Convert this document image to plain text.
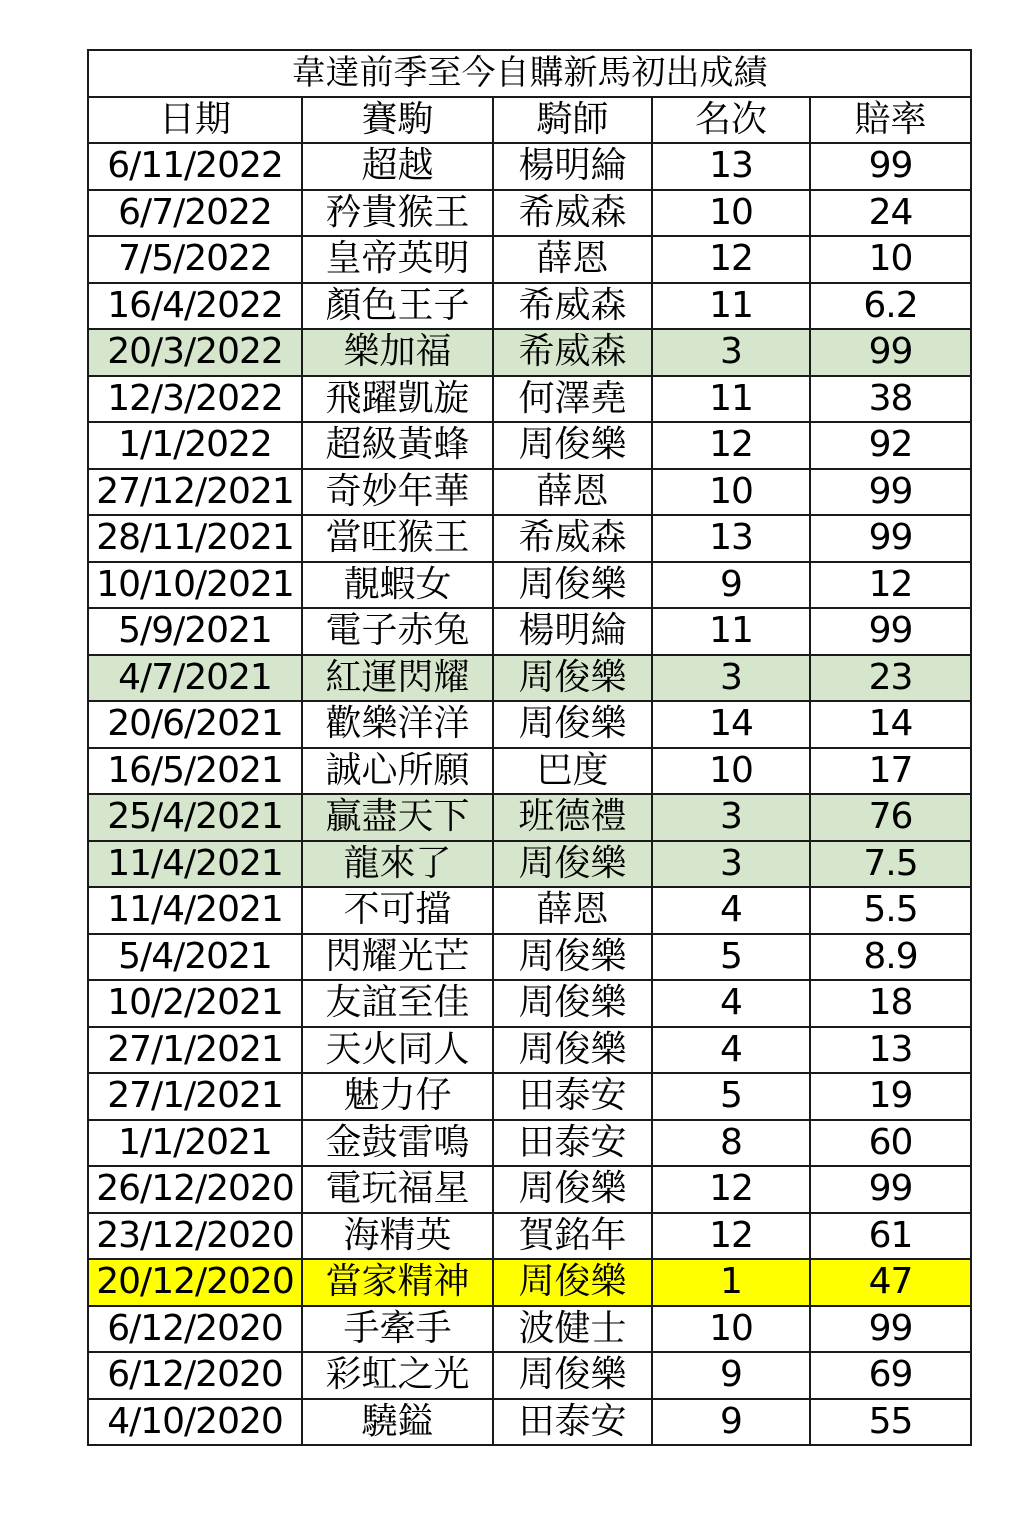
韋達前季至今自購新馬初出成績				
日期	賽駒	騎師	名次	賠率
6/11/2022	超越	楊明綸	13	99
6/7/2022	矜貴猴王	希威森	10	24
7/5/2022	皇帝英明	薛恩	12	10
16/4/2022	顏色王子	希威森	11	6.2
20/3/2022	樂加福	希威森	3	99
12/3/2022	飛躍凱旋	何澤堯	11	38
1/1/2022	超級黃蜂	周俊樂	12	92
27/12/2021	奇妙年華	薛恩	10	99
28/11/2021	當旺猴王	希威森	13	99
10/10/2021	靚蝦女	周俊樂	9	12
5/9/2021	電子赤兔	楊明綸	11	99
4/7/2021	紅運閃耀	周俊樂	3	23
20/6/2021	歡樂洋洋	周俊樂	14	14
16/5/2021	誠心所願	巴度	10	17
25/4/2021	贏盡天下	班德禮	3	76
11/4/2021	龍來了	周俊樂	3	7.5
11/4/2021	不可擋	薛恩	4	5.5
5/4/2021	閃耀光芒	周俊樂	5	8.9
10/2/2021	友誼至佳	周俊樂	4	18
27/1/2021	天火同人	周俊樂	4	13
27/1/2021	魅力仔	田泰安	5	19
1/1/2021	金鼓雷鳴	田泰安	8	60
26/12/2020	電玩福星	周俊樂	12	99
23/12/2020	海精英	賀銘年	12	61
20/12/2020	當家精神	周俊樂	1	47
6/12/2020	手牽手	波健士	10	99
6/12/2020	彩虹之光	周俊樂	9	69
4/10/2020	驍鎰	田泰安	9	55
